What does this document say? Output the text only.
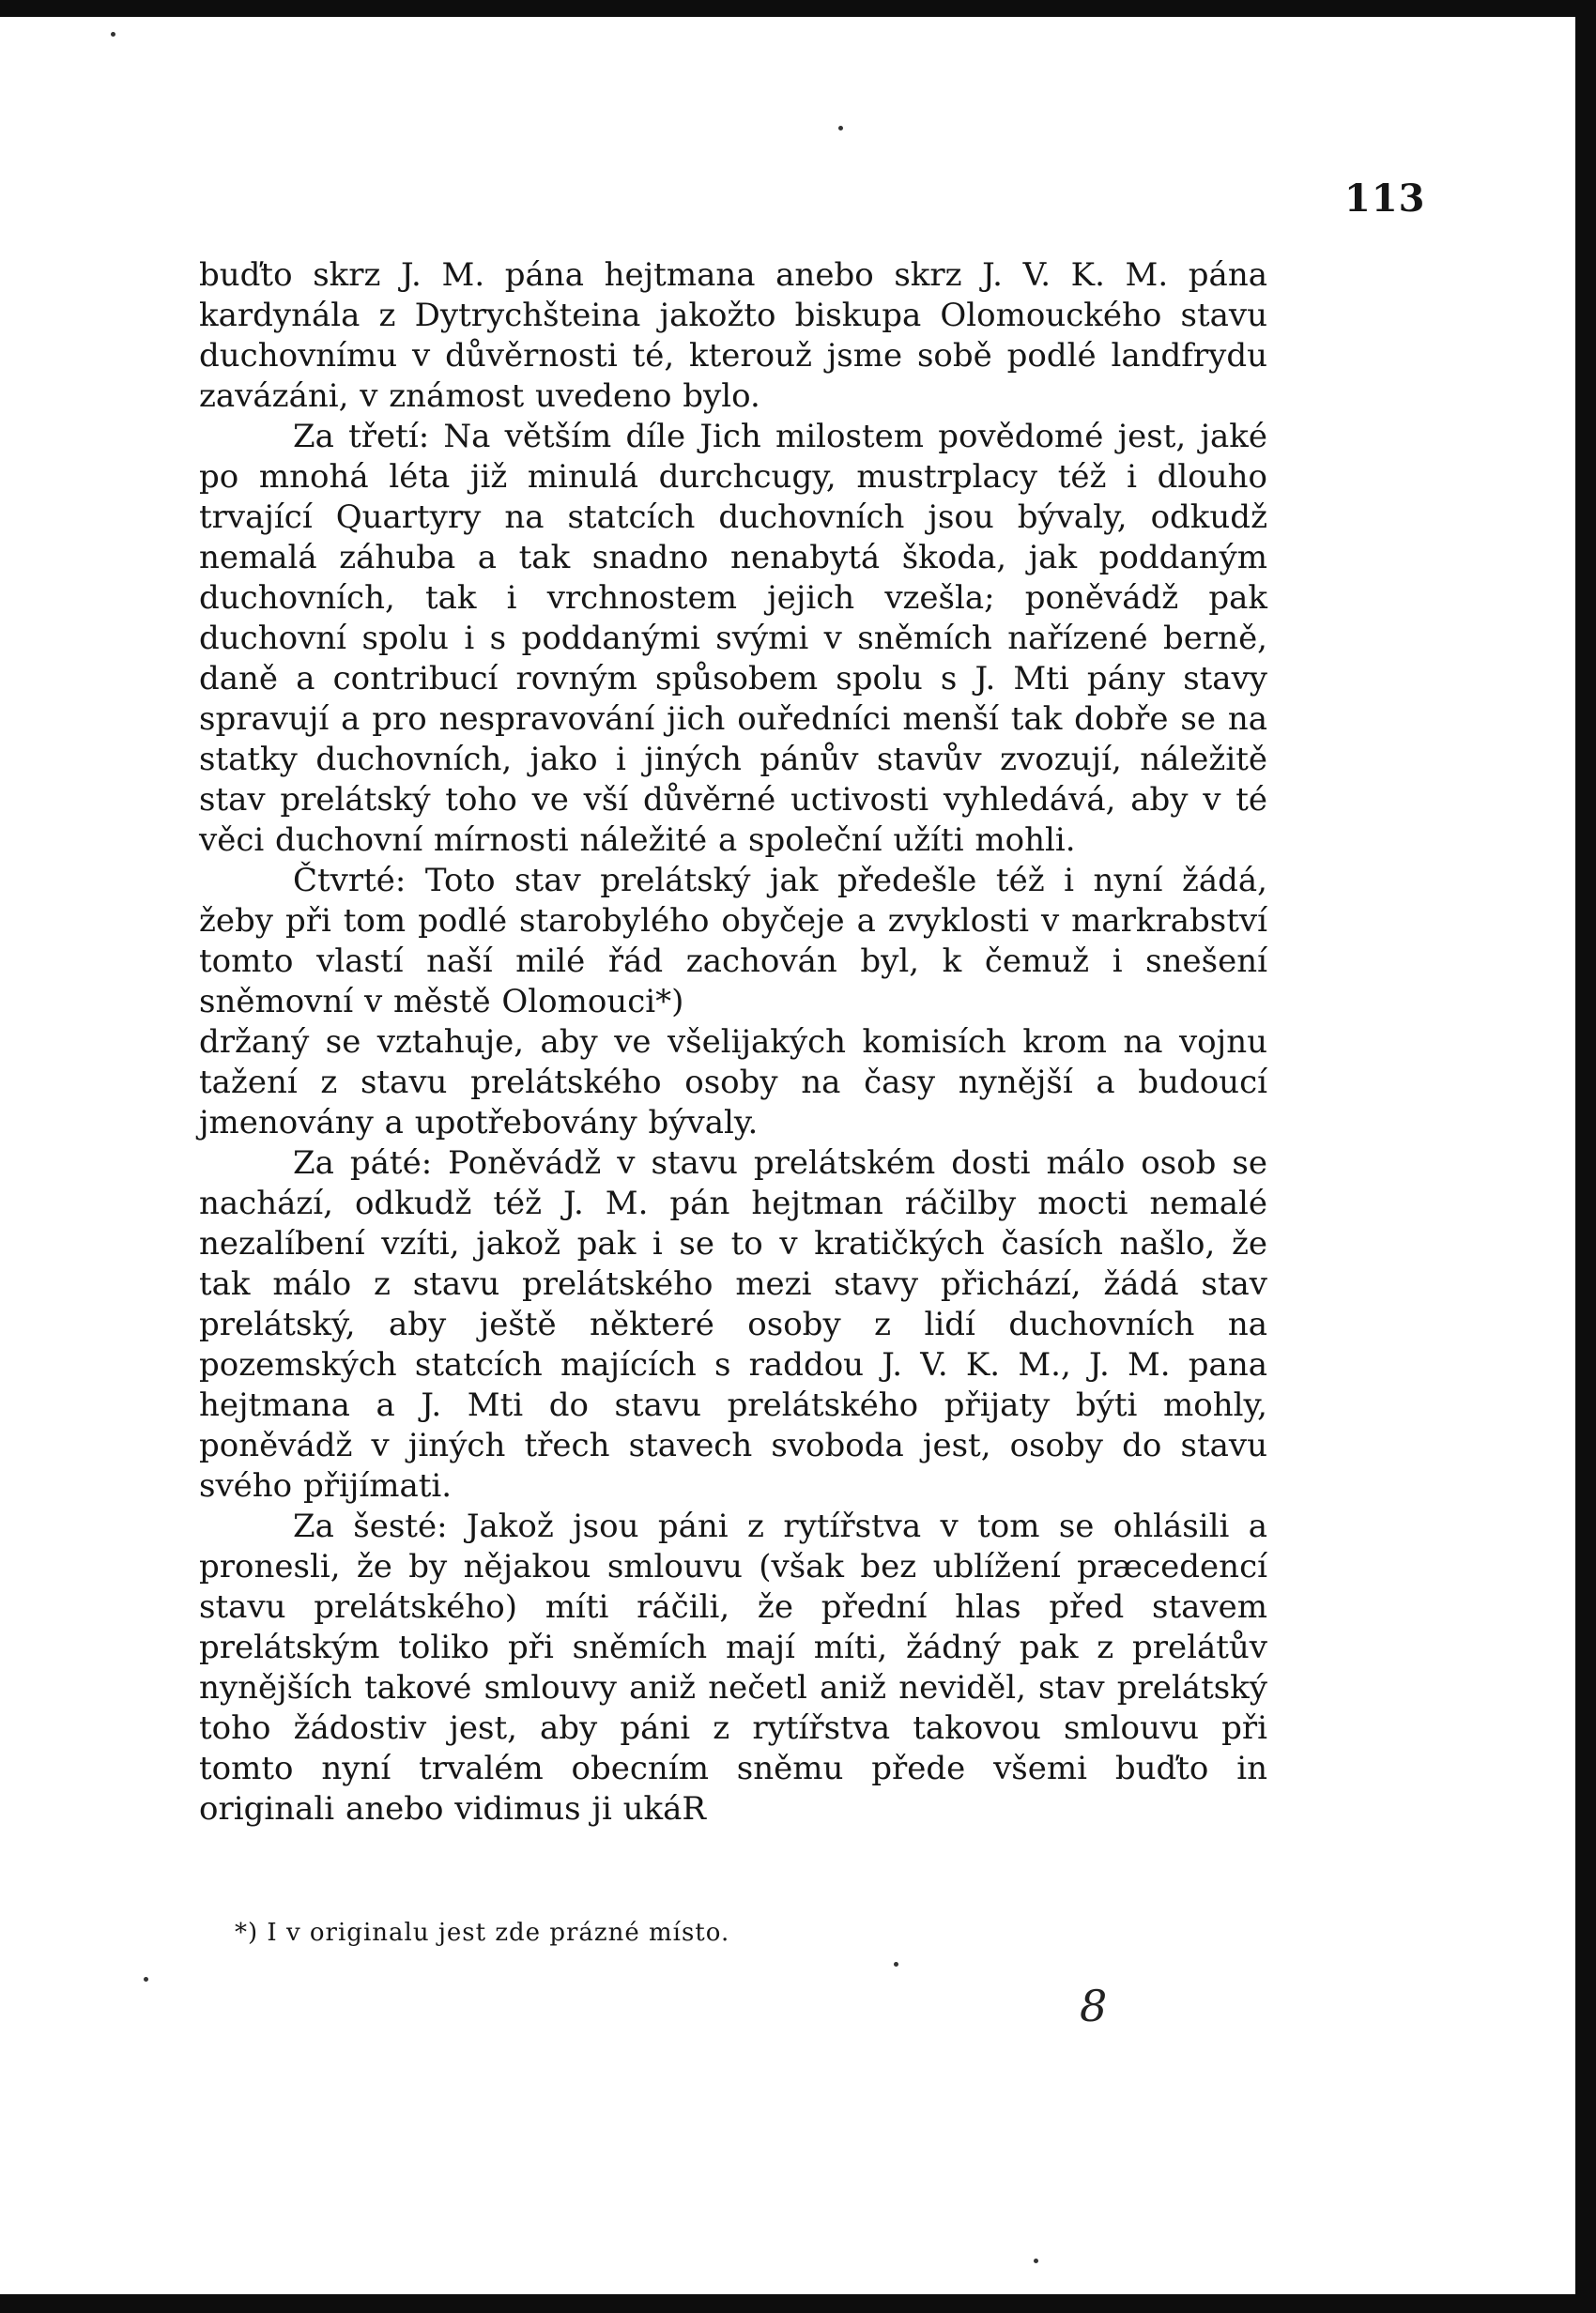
113

buďto skrz J. M. pána hejtmana anebo skrz J. V. K. M. pána kardynála z Dytrychšteina jakožto biskupa Olomouckého stavu duchovnímu v důvěrnosti té, kterouž jsme sobě podlé landfrydu zavázáni, v známost uvedeno bylo.

Za třetí: Na větším díle Jich milostem povědomé jest, jaké po mnohá léta již minulá durchcugy, mustrplacy též i dlouho trvající Quartyry na statcích duchovních jsou bývaly, odkudž nemalá záhuba a tak snadno nenabytá škoda, jak poddaným duchovních, tak i vrchnostem jejich vzešla; poněvádž pak duchovní spolu i s poddanými svými v sněmích nařízené berně, daně a contribucí rovným spůsobem spolu s J. Mti pány stavy spravují a pro nespravování jich ouředníci menší tak dobře se na statky duchovních, jako i jiných pánův stavův zvozují, náležitě stav prelátský toho ve vší důvěrné uctivosti vyhledává, aby v té věci duchovní mírnosti náležité a společní užíti mohli.

Čtvrté: Toto stav prelátský jak předešle též i nyní žádá, žeby při tom podlé starobylého obyčeje a zvyklosti v markrabství tomto vlastí naší milé řád zachován byl, k čemuž i snešení sněmovní v městě Olomouci*)

držaný se vztahuje, aby ve všelijakých komisích krom na vojnu tažení z stavu prelátského osoby na časy nynější a budoucí jmenovány a upotřebovány bývaly.

Za páté: Poněvádž v stavu prelátském dosti málo osob se nachází, odkudž též J. M. pán hejtman ráčilby mocti nemalé nezalíbení vzíti, jakož pak i se to v kratičkých časích našlo, že tak málo z stavu prelátského mezi stavy přichází, žádá stav prelátský, aby ještě některé osoby z lidí duchovních na pozemských statcích majících s raddou J. V. K. M., J. M. pana hejtmana a J. Mti do stavu prelátského přijaty býti mohly, poněvádž v jiných třech stavech svoboda jest, osoby do stavu svého přijímati.

Za šesté: Jakož jsou páni z rytířstva v tom se ohlásili a pronesli, že by nějakou smlouvu (však bez ublížení præcedencí stavu prelátského) míti ráčili, že přední hlas před stavem prelátským toliko při sněmích mají míti, žádný pak z prelátův nynějších takové smlouvy aniž nečetl aniž neviděl, stav prelátský toho žádostiv jest, aby páni z rytířstva takovou smlouvu při tomto nyní trvalém obecním sněmu přede všemi buďto in originali anebo vidimus ji ukáR

*) I v originalu jest zde prázné místo.
8
